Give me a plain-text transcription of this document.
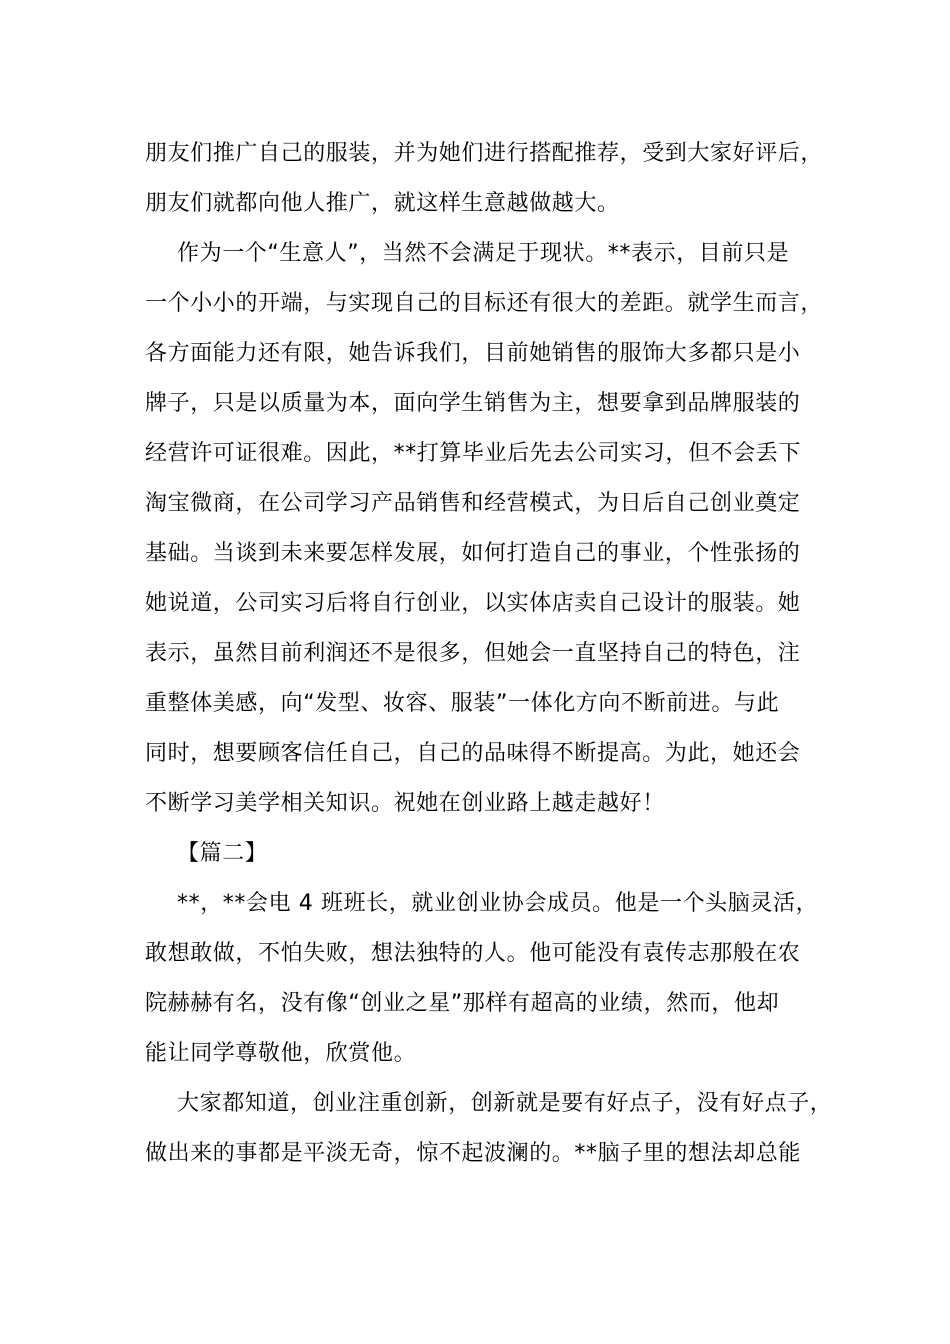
朋友们推广自己的服装，并为她们进行搭配推荐，受到大家好评后，
朋友们就都向他人推广，就这样生意越做越大。
作为一个“生意人”，当然不会满足于现状。**表示，目前只是
一个小小的开端，与实现自己的目标还有很大的差距。就学生而言，
各方面能力还有限，她告诉我们，目前她销售的服饰大多都只是小
牌子，只是以质量为本，面向学生销售为主，想要拿到品牌服装的
经营许可证很难。因此，**打算毕业后先去公司实习，但不会丢下
淘宝微商，在公司学习产品销售和经营模式，为日后自己创业奠定
基础。当谈到未来要怎样发展，如何打造自己的事业，个性张扬的
她说道，公司实习后将自行创业，以实体店卖自己设计的服装。她
表示，虽然目前利润还不是很多，但她会一直坚持自己的特色，注
重整体美感，向“发型、妆容、服装”一体化方向不断前进。与此
同时，想要顾客信任自己，自己的品味得不断提高。为此，她还会
不断学习美学相关知识。祝她在创业路上越走越好！
【篇二】
**，**会电 4 班班长，就业创业协会成员。他是一个头脑灵活，
敢想敢做，不怕失败，想法独特的人。他可能没有袁传志那般在农
院赫赫有名，没有像“创业之星”那样有超高的业绩，然而，他却
能让同学尊敬他，欣赏他。
大家都知道，创业注重创新，创新就是要有好点子，没有好点子，
做出来的事都是平淡无奇，惊不起波澜的。**脑子里的想法却总能
